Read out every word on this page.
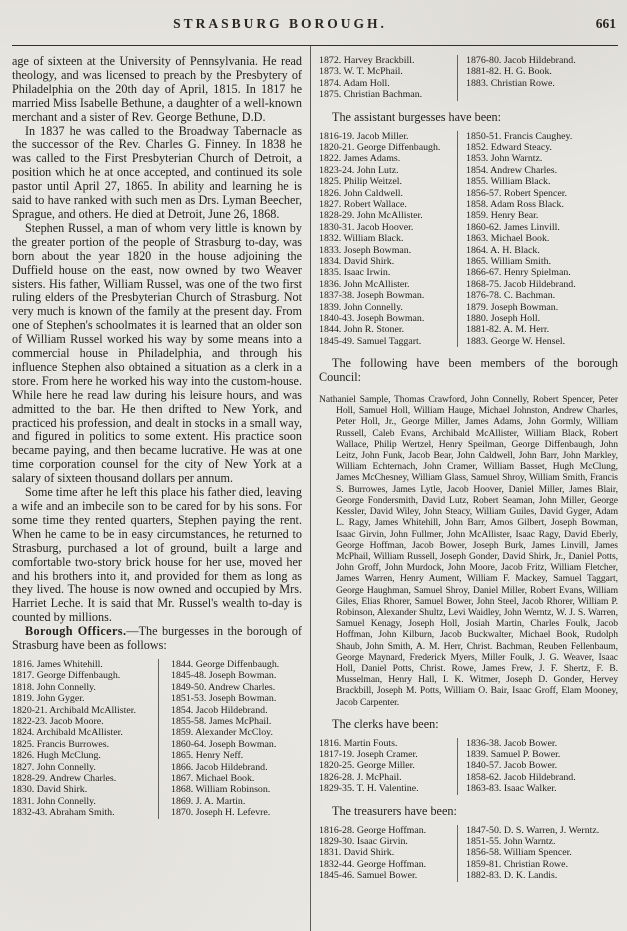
STRASBURG BOROUGH.	661

age of sixteen at the University of Pennsylvania. He read theology, and was licensed to preach by the Presbytery of Philadelphia on the 20th day of April, 1815. In 1817 he married Miss Isabelle Bethune, a daughter of a well-known merchant and a sister of Rev. George Bethune, D.D.

In 1837 he was called to the Broadway Tabernacle as the successor of the Rev. Charles G. Finney. In 1838 he was called to the First Presbyterian Church of Detroit, a position which he at once accepted, and continued its sole pastor until April 27, 1865. In ability and learning he is said to have ranked with such men as Drs. Lyman Beecher, Sprague, and others. He died at Detroit, June 26, 1868.

Stephen Russel, a man of whom very little is known by the greater portion of the people of Strasburg to-day, was born about the year 1820 in the house adjoining the Duffield house on the east, now owned by two Weaver sisters. His father, William Russel, was one of the two first ruling elders of the Presbyterian Church of Strasburg. Not very much is known of the family at the present day. From one of Stephen's schoolmates it is learned that an older son of William Russel worked his way by some means into a commercial house in Philadelphia, and through his influence Stephen also obtained a situation as a clerk in a store. From here he worked his way into the custom-house. While here he read law during his leisure hours, and was admitted to the bar. He then drifted to New York, and practiced his profession, and dealt in stocks in a small way, and figured in politics to some extent. His practice soon became paying, and then became lucrative. He was at one time corporation counsel for the city of New York at a salary of sixteen thousand dollars per annum.

Some time after he left this place his father died, leaving a wife and an imbecile son to be cared for by his sons. For some time they rented quarters, Stephen paying the rent. When he came to be in easy circumstances, he returned to Strasburg, purchased a lot of ground, built a large and comfortable two-story brick house for her use, moved her and his brothers into it, and provided for them as long as they lived. The house is now owned and occupied by Mrs. Harriet Leche. It is said that Mr. Russel's wealth to-day is counted by millions.

Borough Officers.—The burgesses in the borough of Strasburg have been as follows:

1816. James Whitehill.
1817. George Diffenbaugh.
1818. John Connelly.
1819. John Gyger.
1820-21. Archibald McAllister.
1822-23. Jacob Moore.
1824. Archibald McAllister.
1825. Francis Burrowes.
1826. Hugh McClung.
1827. John Connelly.
1828-29. Andrew Charles.
1830. David Shirk.
1831. John Connelly.
1832-43. Abraham Smith.
1844. George Diffenbaugh.
1845-48. Joseph Bowman.
1849-50. Andrew Charles.
1851-53. Joseph Bowman.
1854. Jacob Hildebrand.
1855-58. James McPhail.
1859. Alexander McCloy.
1860-64. Joseph Bowman.
1865. Henry Neff.
1866. Jacob Hildebrand.
1867. Michael Book.
1868. William Robinson.
1869. J. A. Martin.
1870. Joseph H. Lefevre.
1872. Harvey Brackbill.
1873. W. T. McPhail.
1874. Adam Holl.
1875. Christian Bachman.
1876-80. Jacob Hildebrand.
1881-82. H. G. Book.
1883. Christian Rowe.

The assistant burgesses have been:

1816-19. Jacob Miller.
1820-21. George Diffenbaugh.
1822. James Adams.
1823-24. John Lutz.
1825. Philip Weitzel.
1826. John Caldwell.
1827. Robert Wallace.
1828-29. John McAllister.
1830-31. Jacob Hoover.
1832. William Black.
1833. Joseph Bowman.
1834. David Shirk.
1835. Isaac Irwin.
1836. John McAllister.
1837-38. Joseph Bowman.
1839. John Connelly.
1840-43. Joseph Bowman.
1844. John R. Stoner.
1845-49. Samuel Taggart.
1850-51. Francis Caughey.
1852. Edward Steacy.
1853. John Warntz.
1854. Andrew Charles.
1855. William Black.
1856-57. Robert Spencer.
1858. Adam Ross Black.
1859. Henry Bear.
1860-62. James Linvill.
1863. Michael Book.
1864. A. H. Black.
1865. William Smith.
1866-67. Henry Spielman.
1868-75. Jacob Hildebrand.
1876-78. C. Bachman.
1879. Joseph Bowman.
1880. Joseph Holl.
1881-82. A. M. Herr.
1883. George W. Hensel.

The following have been members of the borough Council:

Nathaniel Sample, Thomas Crawford, John Connelly, Robert Spencer, Peter Holl, Samuel Holl, William Hauge, Michael Johnston, Andrew Charles, Peter Holl, Jr., George Miller, James Adams, John Gormly, William Russell, Caleb Evans, Archibald McAllister, William Black, Robert Wallace, Philip Wertzel, Henry Speilman, George Diffenbaugh, John Leitz, John Funk, Jacob Bear, John Caldwell, John Barr, John Markley, William Echternach, John Cramer, William Basset, Hugh McClung, James McChesney, William Glass, Samuel Shroy, William Smith, Francis S. Burrowes, James Lytle, Jacob Hoover, Daniel Miller, James Blair, George Fondersmith, David Lutz, Robert Seaman, John Miller, George Kessler, David Wiley, John Steacy, William Guiles, David Gyger, Adam L. Ragy, James Whitehill, John Barr, Amos Gilbert, Joseph Bowman, Isaac Girvin, John Fullmer, John McAllister, Isaac Ragy, David Eberly, George Hoffman, Jacob Bower, Joseph Burk, James Linvill, James McPhail, William Russell, Joseph Gonder, David Shirk, Jr., Daniel Potts, John Groff, John Murdock, John Moore, Jacob Fritz, William Fletcher, James Warren, Henry Aument, William F. Mackey, Samuel Taggart, George Haughman, Samuel Shroy, Daniel Miller, Robert Evans, William Giles, Elias Rhorer, Samuel Bower, John Steel, Jacob Rhorer, William P. Robinson, Alexander Shultz, Levi Waidley, John Werntz, W. J. S. Warren, Samuel Kenagy, Joseph Holl, Josiah Martin, Charles Foulk, Jacob Hoffman, John Kilburn, Jacob Buckwalter, Michael Book, Rudolph Shaub, John Smith, A. M. Herr, Christ. Bachman, Reuben Fellenbaum, George Maynard, Frederick Myers, Miller Foulk, J. G. Weaver, Isaac Holl, Daniel Potts, Christ. Rowe, James Frew, J. F. Shertz, F. B. Musselman, Henry Hall, I. K. Witmer, Joseph D. Gonder, Hervey Brackbill, Joseph M. Potts, William O. Bair, Isaac Groff, Elam Mooney, Jacob Carpenter.

The clerks have been:

1816. Martin Fouts.
1817-19. Joseph Cramer.
1820-25. George Miller.
1826-28. J. McPhail.
1829-35. T. H. Valentine.
1836-38. Jacob Bower.
1839. Samuel P. Bower.
1840-57. Jacob Bower.
1858-62. Jacob Hildebrand.
1863-83. Isaac Walker.

The treasurers have been:

1816-28. George Hoffman.
1829-30. Isaac Girvin.
1831. David Shirk.
1832-44. George Hoffman.
1845-46. Samuel Bower.
1847-50. D. S. Warren, J. Werntz.
1851-55. John Warntz.
1856-58. William Spencer.
1859-81. Christian Rowe.
1882-83. D. K. Landis.
